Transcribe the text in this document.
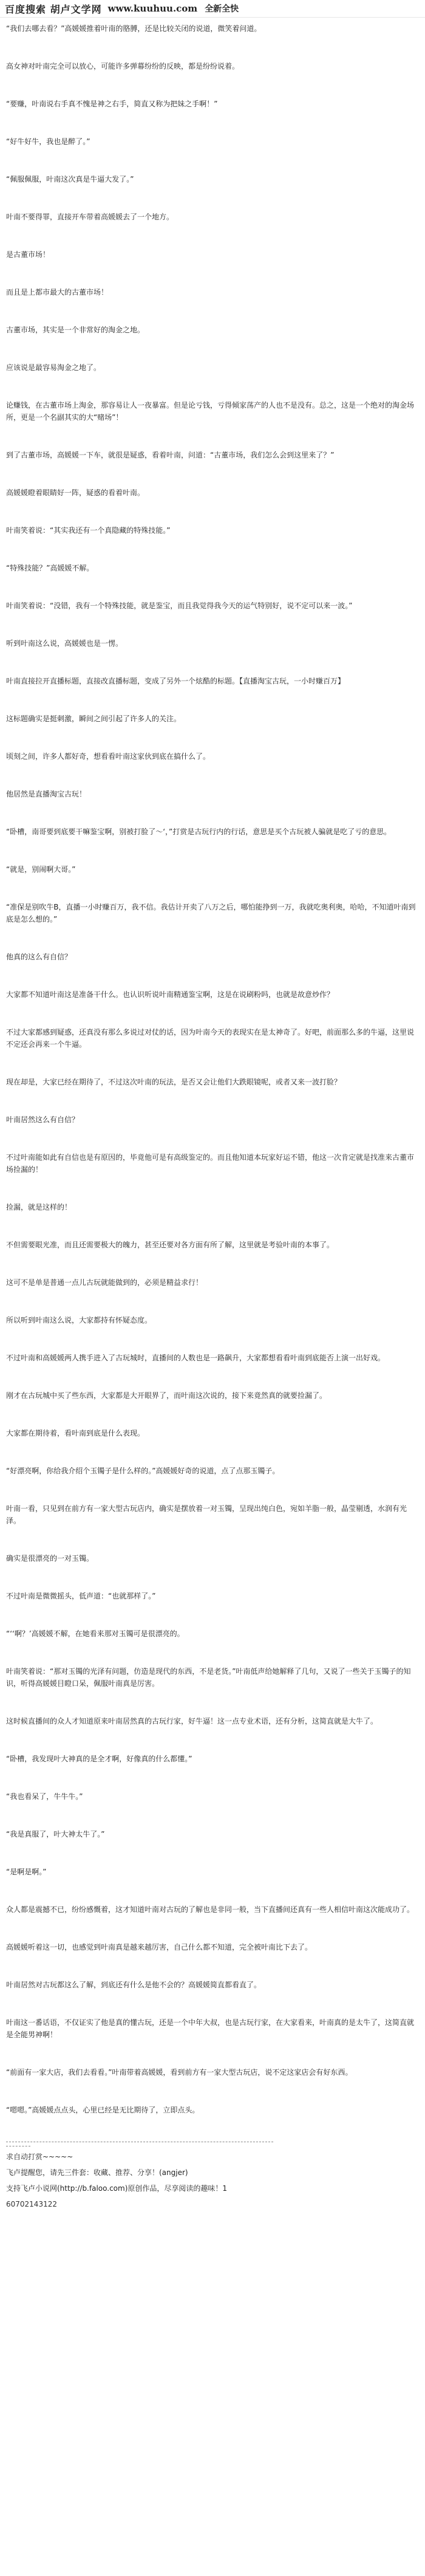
百度搜索 胡卢文学网 www.kuuhuu.com 全新全快
“我们去哪去看？”高媛媛推着叶南的胳膊，还是比较关闭的说道，微笑着问道。
高女神对叶南完全可以放心，可能许多弹幕纷纷的反映，都是纷纷说着。
“要赚，叶南说右手真不愧是神之右手，简直又称为把妹之手啊！”
“好牛好牛，我也是醉了。”
“佩服佩服，叶南这次真是牛逼大发了。”
叶南不要得罪，直接开车带着高媛媛去了一个地方。
是古董市场！
而且是上都市最大的古董市场！
古董市场，其实是一个非常好的淘金之地。
应该说是最容易淘金之地了。
论赚钱，在古董市场上淘金，那容易让人一夜暴富。但是论亏钱，亏得倾家荡产的人也不是没有。总之，这是一个绝对的淘金场所，更是一个名副其实的大“赌场”！
到了古董市场，高媛媛一下车，就很是疑惑，看着叶南，问道：“古董市场，我们怎么会到这里来了？”
高媛媛瞪着眼睛好一阵，疑惑的看着叶南。
叶南笑着说：“其实我还有一个真隐藏的特殊技能。”
“特殊技能？”高媛媛不解。
叶南笑着说：“没错，我有一个特殊技能，就是鉴宝，而且我觉得我今天的运气特别好，说不定可以来一波。”
听到叶南这么说，高媛媛也是一愣。
叶南直接拉开直播标题，直接改直播标题，变成了另外一个炫酷的标题。【直播淘宝古玩，一小时赚百万】
这标题确实是挺刺激，瞬间之间引起了许多人的关注。
顷刻之间，许多人都好奇，想看看叶南这家伙到底在搞什么了。
他居然是直播淘宝古玩！
“卧槽，南哥要到底要干嘛鉴宝啊，别被打脸了～‘，”打赏是古玩行内的行话，意思是买个古玩被人骗就是吃了亏的意思。
“就是，别闹啊大哥。”
“准保是别吹牛B，直播一小时赚百万，我不信。我估计开卖了八万之后，哪怕能挣到一万，我就吃奥利奥，哈哈，不知道叶南到底是怎么想的。”
他真的这么有自信？
大家都不知道叶南这是准备干什么。也认识听说叶南精通鉴宝啊，这是在说刷粉吗，也就是故意炒作？
不过大家都感到疑惑，还真没有那么多说过对仗的话，因为叶南今天的表现实在是太神奇了。好吧，前面那么多的牛逼，这里说不定还会再来一个牛逼。
现在却是，大家已经在期待了，不过这次叶南的玩法，是否又会让他们大跌眼镜呢，或者又来一波打脸？
叶南居然这么有自信？
不过叶南能如此有自信也是有原因的，毕竟他可是有高级鉴定的。而且他知道本玩家好运不错，他这一次肯定就是找准来古董市场捡漏的！
捡漏，就是这样的！
不但需要眼光准，而且还需要极大的魄力，甚至还要对各方面有所了解，这里就是考验叶南的本事了。
这可不是单是普通一点儿古玩就能做到的，必须是精益求行！
所以听到叶南这么说，大家都持有怀疑态度。
不过叶南和高媛媛两人携手进入了古玩城时，直播间的人数也是一路飙升，大家都想看看叶南到底能否上演一出好戏。
刚才在古玩城中买了些东西，大家都是大开眼界了，而叶南这次说的，接下来竟然真的就要捡漏了。
大家都在期待着，看叶南到底是什么表现。
“好漂亮啊，你给我介绍个玉镯子是什么样的。”高媛媛好奇的说道，点了点那玉镯子。
叶南一看，只见到在前方有一家大型古玩店内，确实是摆放着一对玉镯，呈现出纯白色，宛如羊脂一般，晶莹剔透，水润有光泽。
确实是很漂亮的一对玉镯。
不过叶南是微微摇头，低声道：“也就那样了。”
“‘‘啊？’高媛媛不解，在她看来那对玉镯可是很漂亮的。
叶南笑着说：“那对玉镯的光泽有问题，仿造是现代的东西，不是老货。”叶南低声给她解释了几句，又说了一些关于玉镯子的知识，听得高媛媛目瞪口呆，佩服叶南真是厉害。
这时候直播间的众人才知道原来叶南居然真的古玩行家，好牛逼！这一点专业术语，还有分析，这简直就是大牛了。
“卧槽，我发现叶大神真的是全才啊，好像真的什么都懂。”
“我也看呆了，牛牛牛。”
“我是真服了，叶大神太牛了。”
“是啊是啊。”
众人都是震撼不已，纷纷感慨着，这才知道叶南对古玩的了解也是非同一般，当下直播间还真有一些人相信叶南这次能成功了。
高媛媛听着这一切，也感觉到叶南真是越来越厉害，自己什么都不知道，完全被叶南比下去了。
叶南居然对古玩都这么了解，到底还有什么是他不会的？高媛媛简直都看直了。
叶南这一番话语，不仅证实了他是真的懂古玩，还是一个中年大叔，也是古玩行家，在大家看来，叶南真的是太牛了，这简直就是全能男神啊！
“前面有一家大店，我们去看看。”叶南带着高媛媛，看到前方有一家大型古玩店，说不定这家店会有好东西。
“嗯嗯。”高媛媛点点头，心里已经是无比期待了，立即点头。
求自动打赏~~~~~
飞卢提醒您，请先三件套：收藏、推荐、分享！(angjer)
支持飞卢小说网(http://b.faloo.com)原创作品，尽享阅读的趣味！1
60702143122
